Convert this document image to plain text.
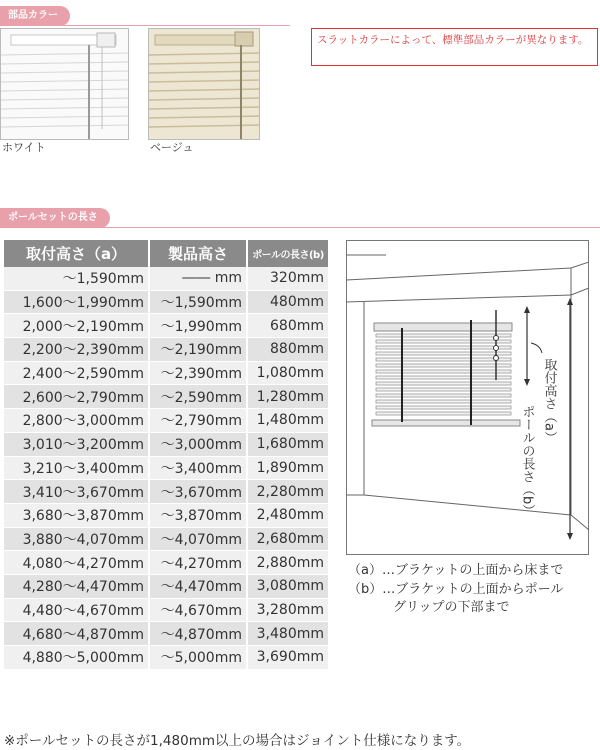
部品カラー
ホワイト	ベージュ
スラットカラーによって、標準部品カラーが異なります。
ポールセットの長さ
取付高さ（a）	製品高さ	ポールの長さ(b)
～1,590mm	―― mm	320mm
1,600～1,990mm	～1,590mm	480mm
2,000～2,190mm	～1,990mm	680mm
2,200～2,390mm	～2,190mm	880mm
2,400～2,590mm	～2,390mm	1,080mm
2,600～2,790mm	～2,590mm	1,280mm
2,800～3,000mm	～2,790mm	1,480mm
3,010～3,200mm	～3,000mm	1,680mm
3,210～3,400mm	～3,400mm	1,890mm
3,410～3,670mm	～3,670mm	2,280mm
3,680～3,870mm	～3,870mm	2,480mm
3,880～4,070mm	～4,070mm	2,680mm
4,080～4,270mm	～4,270mm	2,880mm
4,280～4,470mm	～4,470mm	3,080mm
4,480～4,670mm	～4,670mm	3,280mm
4,680～4,870mm	～4,870mm	3,480mm
4,880～5,000mm	～5,000mm	3,690mm
取付高さ（a）
ポールの長さ（b）
（a）…ブラケットの上面から床まで
（b）…ブラケットの上面からポール
グリップの下部まで
※ポールセットの長さが1,480mm以上の場合はジョイント仕様になります。
